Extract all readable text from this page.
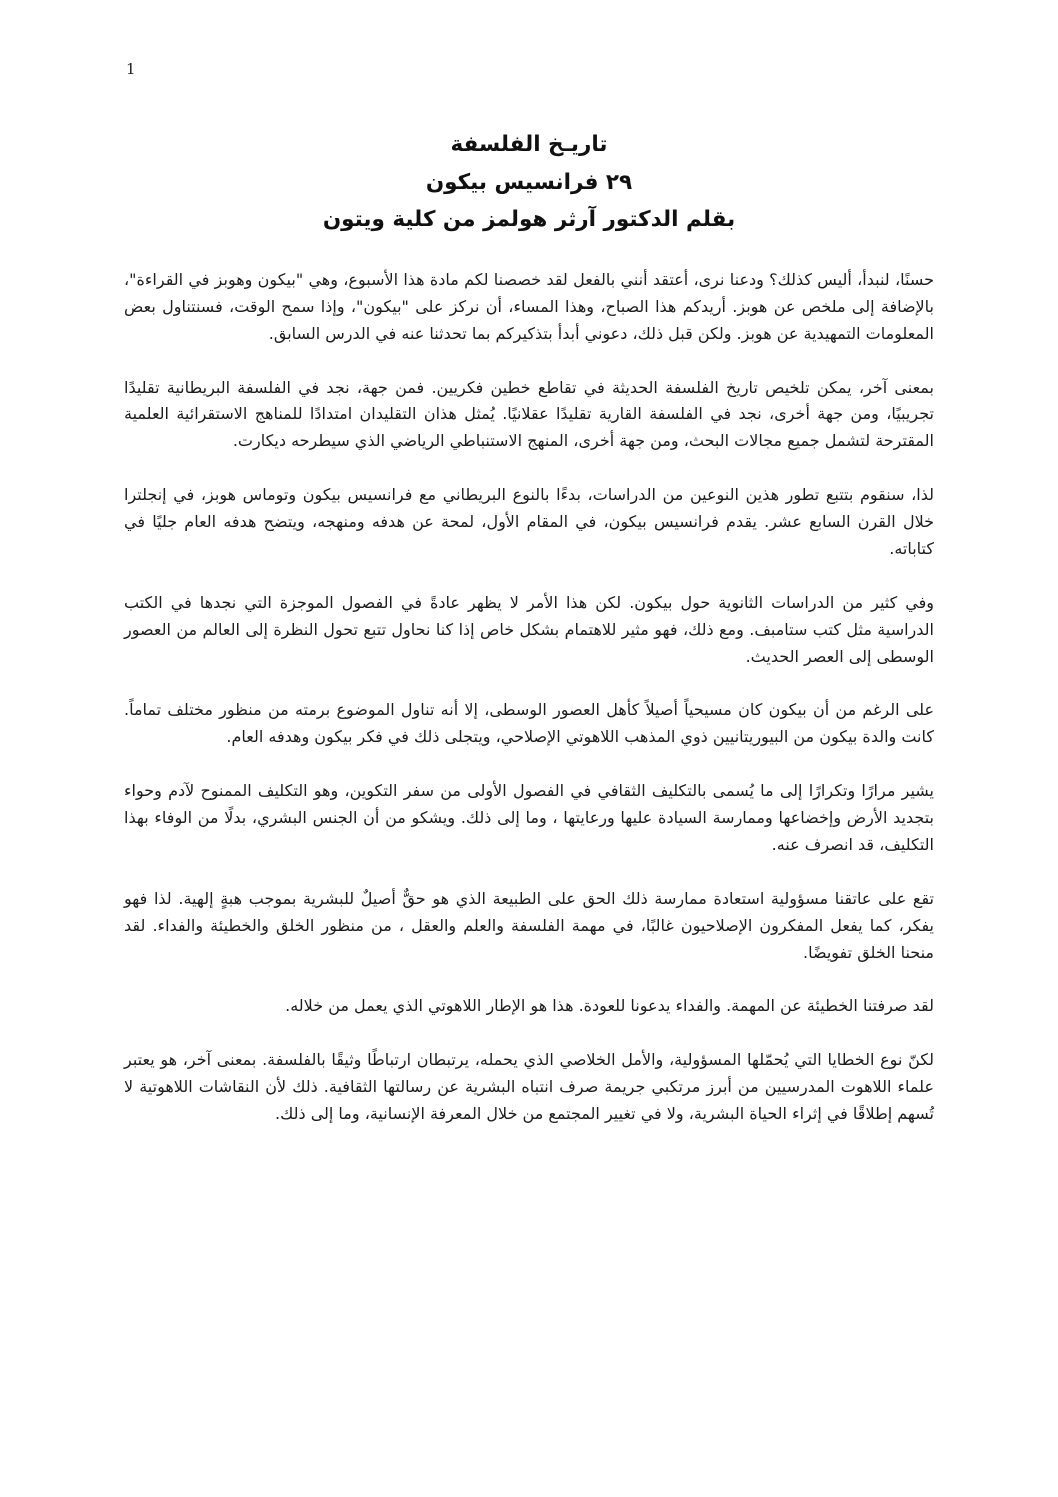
1
تاريـخ الفلسفة
٢٩ فرانسيس بيكون
بقلم الدكتور آرثر هولمز من كلية ويتون

حسنًا، لنبدأ، أليس كذلك؟ ودعنا نرى، أعتقد أنني بالفعل لقد خصصنا لكم مادة هذا الأسبوع، وهي "بيكون وهوبز في القراءة"، بالإضافة إلى ملخص عن هوبز. أريدكم هذا الصباح، وهذا المساء، أن نركز على "بيكون"، وإذا سمح الوقت، فسنتناول بعض المعلومات التمهيدية عن هوبز. ولكن قبل ذلك، دعوني أبدأ بتذكيركم بما تحدثنا عنه في الدرس السابق.

بمعنى آخر، يمكن تلخيص تاريخ الفلسفة الحديثة في تقاطع خطين فكريين. فمن جهة، نجد في الفلسفة البريطانية تقليدًا تجريبيًا، ومن جهة أخرى، نجد في الفلسفة القارية تقليدًا عقلانيًا. يُمثل هذان التقليدان امتدادًا للمناهج الاستقرائية العلمية المقترحة لتشمل جميع مجالات البحث، ومن جهة أخرى، المنهج الاستنباطي الرياضي الذي سيطرحه ديكارت.

لذا، سنقوم بتتبع تطور هذين النوعين من الدراسات، بدءًا بالنوع البريطاني مع فرانسيس بيكون وتوماس هوبز، في إنجلترا خلال القرن السابع عشر. يقدم فرانسيس بيكون، في المقام الأول، لمحة عن هدفه ومنهجه، ويتضح هدفه العام جليًا في كتاباته.

وفي كثير من الدراسات الثانوية حول بيكون. لكن هذا الأمر لا يظهر عادةً في الفصول الموجزة التي نجدها في الكتب الدراسية مثل كتب ستامبف. ومع ذلك، فهو مثير للاهتمام بشكل خاص إذا كنا نحاول تتبع تحول النظرة إلى العالم من العصور الوسطى إلى العصر الحديث.

على الرغم من أن بيكون كان مسيحياً أصيلاً كأهل العصور الوسطى، إلا أنه تناول الموضوع برمته من منظور مختلف تماماً. كانت والدة بيكون من البيوريتانيين ذوي المذهب اللاهوتي الإصلاحي، ويتجلى ذلك في فكر بيكون وهدفه العام.

يشير مرارًا وتكرارًا إلى ما يُسمى بالتكليف الثقافي في الفصول الأولى من سفر التكوين، وهو التكليف الممنوح لآدم وحواء بتجديد الأرض وإخضاعها وممارسة السيادة عليها ورعايتها ، وما إلى ذلك. ويشكو من أن الجنس البشري، بدلًا من الوفاء بهذا التكليف، قد انصرف عنه.

تقع على عاتقنا مسؤولية استعادة ممارسة ذلك الحق على الطبيعة الذي هو حقٌّ أصيلٌ للبشرية بموجب هبةٍ إلهية. لذا فهو يفكر، كما يفعل المفكرون الإصلاحيون غالبًا، في مهمة الفلسفة والعلم والعقل ، من منظور الخلق والخطيئة والفداء. لقد منحنا الخلق تفويضًا.

لقد صرفتنا الخطيئة عن المهمة. والفداء يدعونا للعودة. هذا هو الإطار اللاهوتي الذي يعمل من خلاله.

لكنّ نوع الخطايا التي يُحمّلها المسؤولية، والأمل الخلاصي الذي يحمله، يرتبطان ارتباطًا وثيقًا بالفلسفة. بمعنى آخر، هو يعتبر علماء اللاهوت المدرسيين من أبرز مرتكبي جريمة صرف انتباه البشرية عن رسالتها الثقافية. ذلك لأن النقاشات اللاهوتية لا تُسهم إطلاقًا في إثراء الحياة البشرية، ولا في تغيير المجتمع من خلال المعرفة الإنسانية، وما إلى ذلك.
